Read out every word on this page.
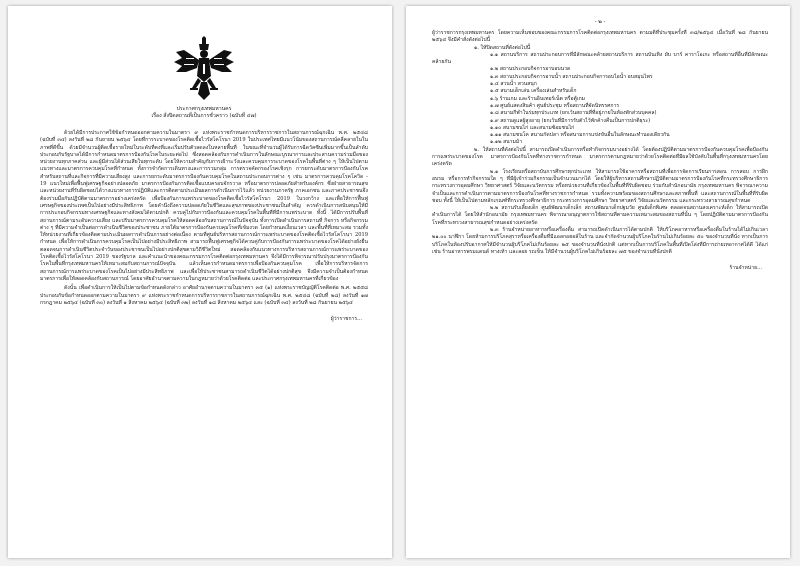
ประกาศกรุงเทพมหานคร
เรื่อง สั่งปิดสถานที่เป็นการชั่วคราว (ฉบับที่ ๔๗)

ด้วยได้มีการประกาศใช้ข้อกำหนดออกตามความในมาตรา ๙ แห่งพระราชกำหนดการบริหารราชการในสถานการณ์ฉุกเฉิน พ.ศ. ๒๕๔๘ (ฉบับที่ ๓๔) ลงวันที่ ๒๘ กันยายน ๒๕๖๔ โดยที่การระบาดของโรคติดเชื้อไวรัสโคโรนา 2019 ในประเทศไทยมีแนวโน้มของสถานการณ์คลี่คลายในในภาพที่ดีขึ้น ด้วยมีจำนวนผู้ติดเชื้อรายใหม่ในระดับที่คงที่และเริ่มปรับตัวลดลงในหลายพื้นที่ ในขณะที่จำนวนผู้ได้รับการฉีดวัคซีนเพิ่มมากขึ้นเป็นลำดับ ประกอบกับรัฐบาลได้มีการกำหนดมาตรการป้องกันโรคในระยะต่อไป ซึ่งสอดคล้องกับการดำเนินการในลักษณะบูรณาการและประสานความร่วมมือของหน่วยงานทุกภาคส่วน และผู้มีส่วนได้ส่วนเสียในทุกระดับ โดยให้ความสำคัญกับการเฝ้าระวังและควบคุมการระบาดของโรคในพื้นที่ต่าง ๆ ให้เป็นไปตามแนวทางและมาตรการควบคุมโรคที่กำหนด ทั้งการจำกัดการเดินทางและการรวมกลุ่ม การตรวจคัดกรองโรคเชิงรุก การยกระดับมาตรการป้องกันโรคสำหรับสถานที่และกิจการที่มีความเสี่ยงสูง และการยกระดับมาตรการป้องกันควบคุมโรคในสถานประกอบการต่าง ๆ เช่น มาตรการควบคุมโรคโควิด - 19 แนวใหม่เพื่อฟื้นฟูเศรษฐกิจอย่างปลอดภัย มาตรการป้องกันการติดเชื้อแบบครอบจักรวาล หรือมาตรการปลอดภัยสำหรับองค์กร ซึ่งฝ่ายสาธารณสุขและหน่วยงานที่รับผิดชอบได้วางแนวทางการปฏิบัติและการติดตามประเมินผลการดำเนินการไว้แล้ว หน่วยงานภาครัฐ ภาคเอกชน และภาคประชาชนจึงต้องร่วมมือกันปฏิบัติตามมาตรการอย่างเคร่งครัด เพื่อป้องกันการแพร่ระบาดของโรคติดเชื้อไวรัสโคโรนา 2019 ในวงกว้าง และเพื่อให้การฟื้นฟูเศรษฐกิจของประเทศเป็นไปอย่างมีประสิทธิภาพ โดยคำนึงถึงความปลอดภัยในชีวิตและสุขภาพของประชาชนเป็นสำคัญ ควรดำเนินการสนับสนุนให้มีการประกอบกิจกรรมทางเศรษฐกิจและทางสังคมได้ตามปกติ ควบคู่ไปกับการป้องกันและควบคุมโรคในพื้นที่ที่มีการแพร่ระบาด ทั้งนี้ ได้มีการปรับพื้นที่สถานการณ์ตามระดับความเสี่ยง และปรับมาตรการควบคุมโรคให้สอดคล้องกับสถานการณ์ในปัจจุบัน ทั้งการเปิดดำเนินการสถานที่ กิจการ หรือกิจกรรมต่าง ๆ ที่มีความจำเป็นต่อการดำเนินชีวิตของประชาชน ภายใต้มาตรการป้องกันควบคุมโรคที่เข้มงวด โดยกำหนดเงื่อนเวลา และพื้นที่ที่เหมาะสม รวมทั้งให้หน่วยงานที่เกี่ยวข้องติดตามประเมินผลการดำเนินการอย่างต่อเนื่อง ตามที่ศูนย์บริหารสถานการณ์การแพร่ระบาดของโรคติดเชื้อไวรัสโคโรนา 2019 กำหนด เพื่อให้การดำเนินการควบคุมโรคเป็นไปอย่างมีประสิทธิภาพ สามารถฟื้นฟูเศรษฐกิจได้ควบคู่กับการป้องกันการแพร่ระบาดของโรคได้อย่างยั่งยืน ตลอดจนการดำเนินชีวิตประจำวันของประชาชนเป็นไปอย่างปกติสุขตามวิถีชีวิตใหม่ สอดคล้องกับแนวทางการบริหารสถานการณ์การแพร่ระบาดของโรคติดเชื้อไวรัสโคโรนา 2019 ของรัฐบาล และคำแนะนำของคณะกรรมการโรคติดต่อกรุงเทพมหานคร จึงได้มีการพิจารณาปรับปรุงมาตรการป้องกันโรคในพื้นที่กรุงเทพมหานครให้เหมาะสมกับสถานการณ์ปัจจุบัน แล้วเห็นควรกำหนดมาตรการเพื่อป้องกันควบคุมโรค เพื่อให้การบริหารจัดการสถานการณ์การแพร่ระบาดของโรคเป็นไปอย่างมีประสิทธิภาพ และเพื่อให้ประชาชนสามารถดำเนินชีวิตได้อย่างปกติสุข จึงมีความจำเป็นต้องกำหนดมาตรการเพื่อให้สอดคล้องกับสถานการณ์ โดยอาศัยอำนาจตามความในกฎหมายว่าด้วยโรคติดต่อ และประกาศกรุงเทพมหานครที่เกี่ยวข้อง

ดังนั้น เพื่อดำเนินการให้เป็นไปตามข้อกำหนดดังกล่าว อาศัยอำนาจตามความในมาตรา ๓๕ (๑) แห่งพระราชบัญญัติโรคติดต่อ พ.ศ. ๒๕๕๘ ประกอบกับข้อกำหนดออกตามความในมาตรา ๙ แห่งพระราชกำหนดการบริหารราชการในสถานการณ์ฉุกเฉิน พ.ศ. ๒๕๔๘ (ฉบับที่ ๒๘) ลงวันที่ ๑๗ กรกฎาคม ๒๕๖๔ (ฉบับที่ ๓๐) ลงวันที่ ๑ สิงหาคม ๒๕๖๔ (ฉบับที่ ๓๒) ลงวันที่ ๑๘ สิงหาคม ๒๕๖๔ และ (ฉบับที่ ๓๔) ลงวันที่ ๒๘ กันยายน ๒๕๖๔

ผู้ว่าราชการ...
- ๒ -

ผู้ว่าราชการกรุงเทพมหานคร โดยความเห็นชอบของคณะกรรมการโรคติดต่อกรุงเทพมหานคร ตามมติที่ประชุมครั้งที่ ๓๘/๒๕๖๔ เมื่อวันที่ ๒๘ กันยายน ๒๕๖๔ จึงมีคำสั่งดังต่อไปนี้

๑. ให้ปิดสถานที่ดังต่อไปนี้

๑.๑ สถานบริการ สถานประกอบการที่มีลักษณะคล้ายสถานบริการ สถานบันเทิง ผับ บาร์ คาราโอเกะ หรือสถานที่อื่นที่มีลักษณะคล้ายกัน

๑.๒ สถานประกอบกิจการอาบอบนวด
๑.๓ สถานประกอบกิจการอาบน้ำ สถานประกอบกิจการอบไอน้ำ อบสมุนไพร
๑.๔ สวนน้ำ สวนสนุก
๑.๕ สนามเด็กเล่น เครื่องเล่นสำหรับเด็ก
๑.๖ ร้านเกม และร้านอินเทอร์เน็ต หรือตู้เกม
๑.๗ ศูนย์แสดงสินค้า ศูนย์ประชุม หรือสถานที่จัดนิทรรศการ
๑.๘ สนามกีฬาในร่มทุกประเภท (ยกเว้นสถานที่ที่อยู่ภายในห้องพักส่วนบุคคล)
๑.๙ สถานดูแลผู้สูงอายุ (ยกเว้นที่มีการรับตัวไว้พักค้างคืนเป็นการปกติธุระ)
๑.๑๐ สนามชนไก่ และสนามซ้อมชนไก่
๑.๑๑ สนามชนโค สนามกัดปลา หรือสนามการแข่งขันอื่นในลักษณะทำนองเดียวกัน
๑.๑๒ สนามม้า

๒. ให้สถานที่ดังต่อไปนี้ สามารถเปิดดำเนินการหรือทำกิจกรรมบางอย่างได้ โดยต้องปฏิบัติตามมาตรการป้องกันควบคุมโรคเพื่อป้องกันการแพร่ระบาดของโรค มาตรการป้องกันโรคที่ทางราชการกำหนด มาตรการตามกฎหมายว่าด้วยโรคติดต่อที่มีผลใช้บังคับในพื้นที่กรุงเทพมหานครโดยเคร่งครัด

๒.๑ โรงเรียนหรือสถาบันการศึกษาทุกประเภท ให้สามารถใช้อาคารหรือสถานที่เพื่อการจัดการเรียนการสอน การสอบ การฝึกอบรม หรือการทำกิจกรรมใด ๆ ที่มีผู้เข้าร่วมกิจกรรมเป็นจำนวนมากได้ โดยให้ผู้บริหารสถานศึกษาปฏิบัติตามมาตรการป้องกันโรคที่กระทรวงศึกษาธิการ กระทรวงการอุดมศึกษา วิทยาศาสตร์ วิจัยและนวัตกรรม หรือหน่วยงานที่เกี่ยวข้องในพื้นที่ที่รับผิดชอบ ร่วมกับสำนักอนามัย กรุงเทพมหานคร พิจารณาความจำเป็นและการดำเนินการตามมาตรการป้องกันโรคที่ทางราชการกำหนด รวมทั้งความพร้อมของสถานศึกษาและสภาพพื้นที่ และสถานการณ์ในพื้นที่ที่รับผิดชอบ ทั้งนี้ ให้เป็นไปตามหลักเกณฑ์ที่กระทรวงศึกษาธิการ กระทรวงการอุดมศึกษา วิทยาศาสตร์ วิจัยและนวัตกรรม และกระทรวงสาธารณสุขกำหนด

๒.๒ สถานรับเลี้ยงเด็ก ศูนย์พัฒนาเด็กเล็ก สถานพัฒนาเด็กปฐมวัย ศูนย์เด็กพิเศษ ตลอดจนสถานสงเคราะห์เด็ก ให้สามารถเปิดดำเนินการได้ โดยให้สำนักอนามัย กรุงเทพมหานคร พิจารณาอนุญาตการใช้สถานที่ตามความเหมาะสมของสถานที่นั้น ๆ โดยปฏิบัติตามมาตรการป้องกันโรคที่กระทรวงสาธารณสุขกำหนดอย่างเคร่งครัด

๒.๓ ร้านจำหน่ายอาหารหรือเครื่องดื่ม สามารถเปิดดำเนินการได้ตามปกติ ให้บริโภคอาหารหรือเครื่องดื่มในร้านได้ไม่เกินเวลา ๒๑.๐๐ นาฬิกา โดยห้ามการบริโภคสุราหรือเครื่องดื่มที่มีแอลกอฮอล์ในร้าน และจำกัดจำนวนผู้บริโภคในร้านไม่เกินร้อยละ ๕๐ ของจำนวนที่นั่ง หากเป็นการบริโภคในห้องปรับอากาศให้มีจำนวนผู้บริโภคไม่เกินร้อยละ ๒๕ ของจำนวนที่นั่งปกติ แต่หากเป็นการบริโภคในพื้นที่เปิดโล่งที่มีการถ่ายเทอากาศได้ดี ได้แก่ เช่น ร้านอาหารพรมแดนด์ ทางเท้า และลอย รถเข็น ให้มีจำนวนผู้บริโภคไม่เกินร้อยละ ๗๕ ของจำนวนที่นั่งปกติ

ร้านจำหน่าย...
